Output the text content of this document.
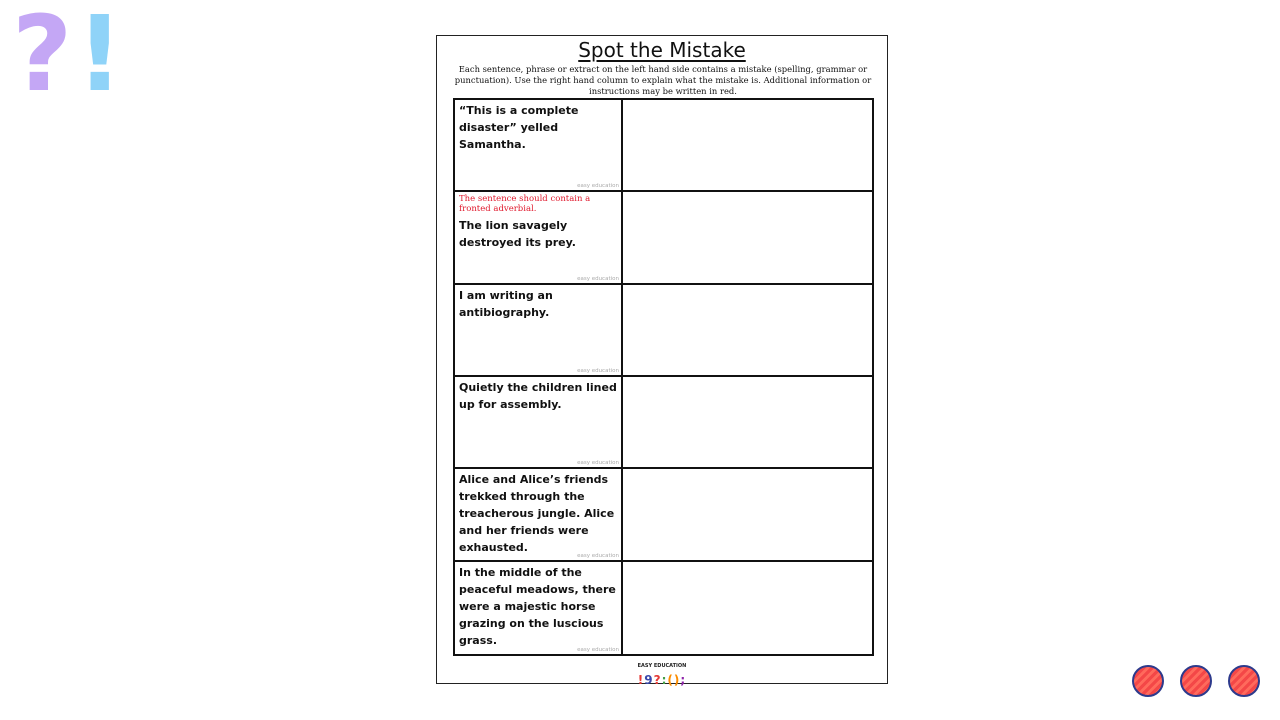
? !	Spot the Mistake
Each sentence, phrase or extract on the left hand side contains a mistake (spelling, grammar or punctuation). Use the right hand column to explain what the mistake is. Additional information or instructions may be written in red.

“This is a complete disaster” yelled Samantha.

easy education

The sentence should contain a fronted adverbial.

The lion savagely destroyed its prey.

easy education

I am writing an antibiography.

easy education

Quietly the children lined up for assembly.

easy education

Alice and Alice’s friends trekked through the treacherous jungle. Alice and her friends were exhausted.

easy education

In the middle of the peaceful meadows, there were a majestic horse grazing on the luscious grass.

easy education
EASY EDUCATION
!9?:();
